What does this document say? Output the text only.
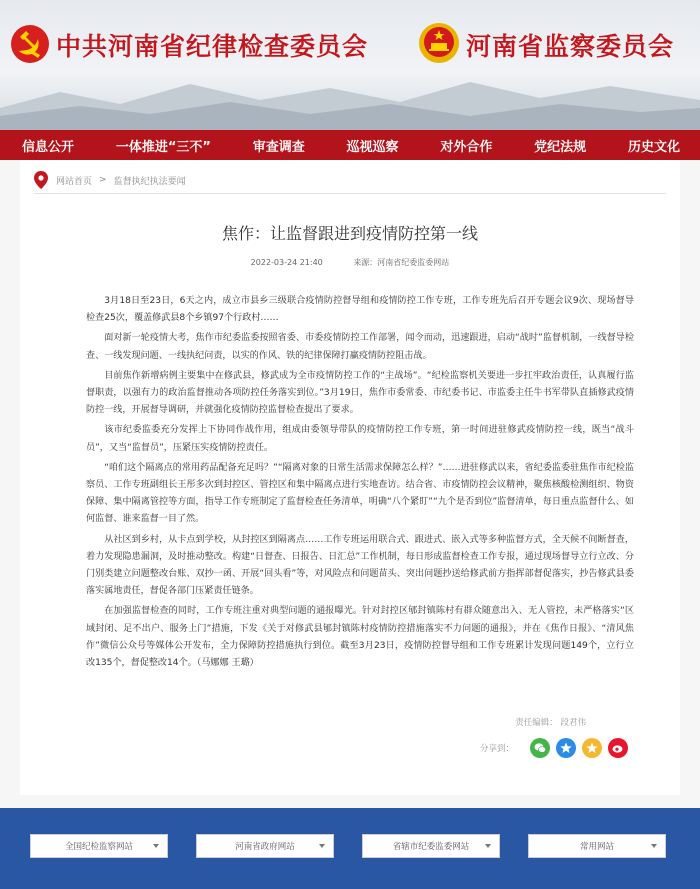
中共河南省纪律检查委员会	河南省监察委员会
信息公开	一体推进“三不”	审查调查	巡视巡察	对外合作	党纪法规	历史文化
网站首页 > 监督执纪执法要闻
焦作：让监督跟进到疫情防控第一线
2022-03-24 21:40	来源：河南省纪委监委网站

3月18日至23日，6天之内，成立市县乡三级联合疫情防控督导组和疫情防控工作专班，工作专班先后召开专题会议9次、现场督导检查25次，覆盖修武县8个乡镇97个行政村……

面对新一轮疫情大考，焦作市纪委监委按照省委、市委疫情防控工作部署，闻令而动，迅速跟进，启动“战时”监督机制，一线督导检查、一线发现问题、一线执纪问责，以实的作风、铁的纪律保障打赢疫情防控阻击战。

目前焦作新增病例主要集中在修武县，修武成为全市疫情防控工作的“主战场”。“纪检监察机关要进一步扛牢政治责任，认真履行监督职责，以强有力的政治监督推动各项防控任务落实到位。”3月19日，焦作市委常委、市纪委书记、市监委主任牛书军带队直插修武疫情防控一线，开展督导调研，并就强化疫情防控监督检查提出了要求。

该市纪委监委充分发挥上下协同作战作用，组成由委领导带队的疫情防控工作专班，第一时间进驻修武疫情防控一线，既当“战斗员”，又当“监督员”，压紧压实疫情防控责任。

“咱们这个隔离点的常用药品配备充足吗？”“隔离对象的日常生活需求保障怎么样？”……进驻修武以来，省纪委监委驻焦作市纪检监察员、工作专班副组长王彤多次到封控区、管控区和集中隔离点进行实地查访。结合省、市疫情防控会议精神，聚焦核酸检测组织、物资保障、集中隔离管控等方面，指导工作专班制定了监督检查任务清单，明确“八个紧盯”“九个是否到位”监督清单，每日重点监督什么、如何监督、谁来监督一目了然。

从社区到乡村，从卡点到学校，从封控区到隔离点……工作专班运用联合式、跟进式、嵌入式等多种监督方式，全天候不间断督查，着力发现隐患漏洞，及时推动整改。构建“日督查、日报告、日汇总”工作机制，每日形成监督检查工作专报，通过现场督导立行立改、分门别类建立问题整改台账、双抄一函、开展“回头看”等，对风险点和问题苗头、突出问题抄送给修武前方指挥部督促落实，抄告修武县委落实属地责任，督促各部门压紧责任链条。

在加强监督检查的同时，工作专班注重对典型问题的通报曝光。针对封控区郇封镇陈村有群众随意出入、无人管控，未严格落实“区域封闭、足不出户、服务上门”措施，下发《关于对修武县郇封镇陈村疫情防控措施落实不力问题的通报》，并在《焦作日报》、“清风焦作”微信公众号等媒体公开发布，全力保障防控措施执行到位。截至3月23日，疫情防控督导组和工作专班累计发现问题149个，立行立改135个，督促整改14个。（马娜娜 王璐）

责任编辑： 段君伟
分享到：
全国纪检监察网站	河南省政府网站	省辖市纪委监委网站	常用网站
